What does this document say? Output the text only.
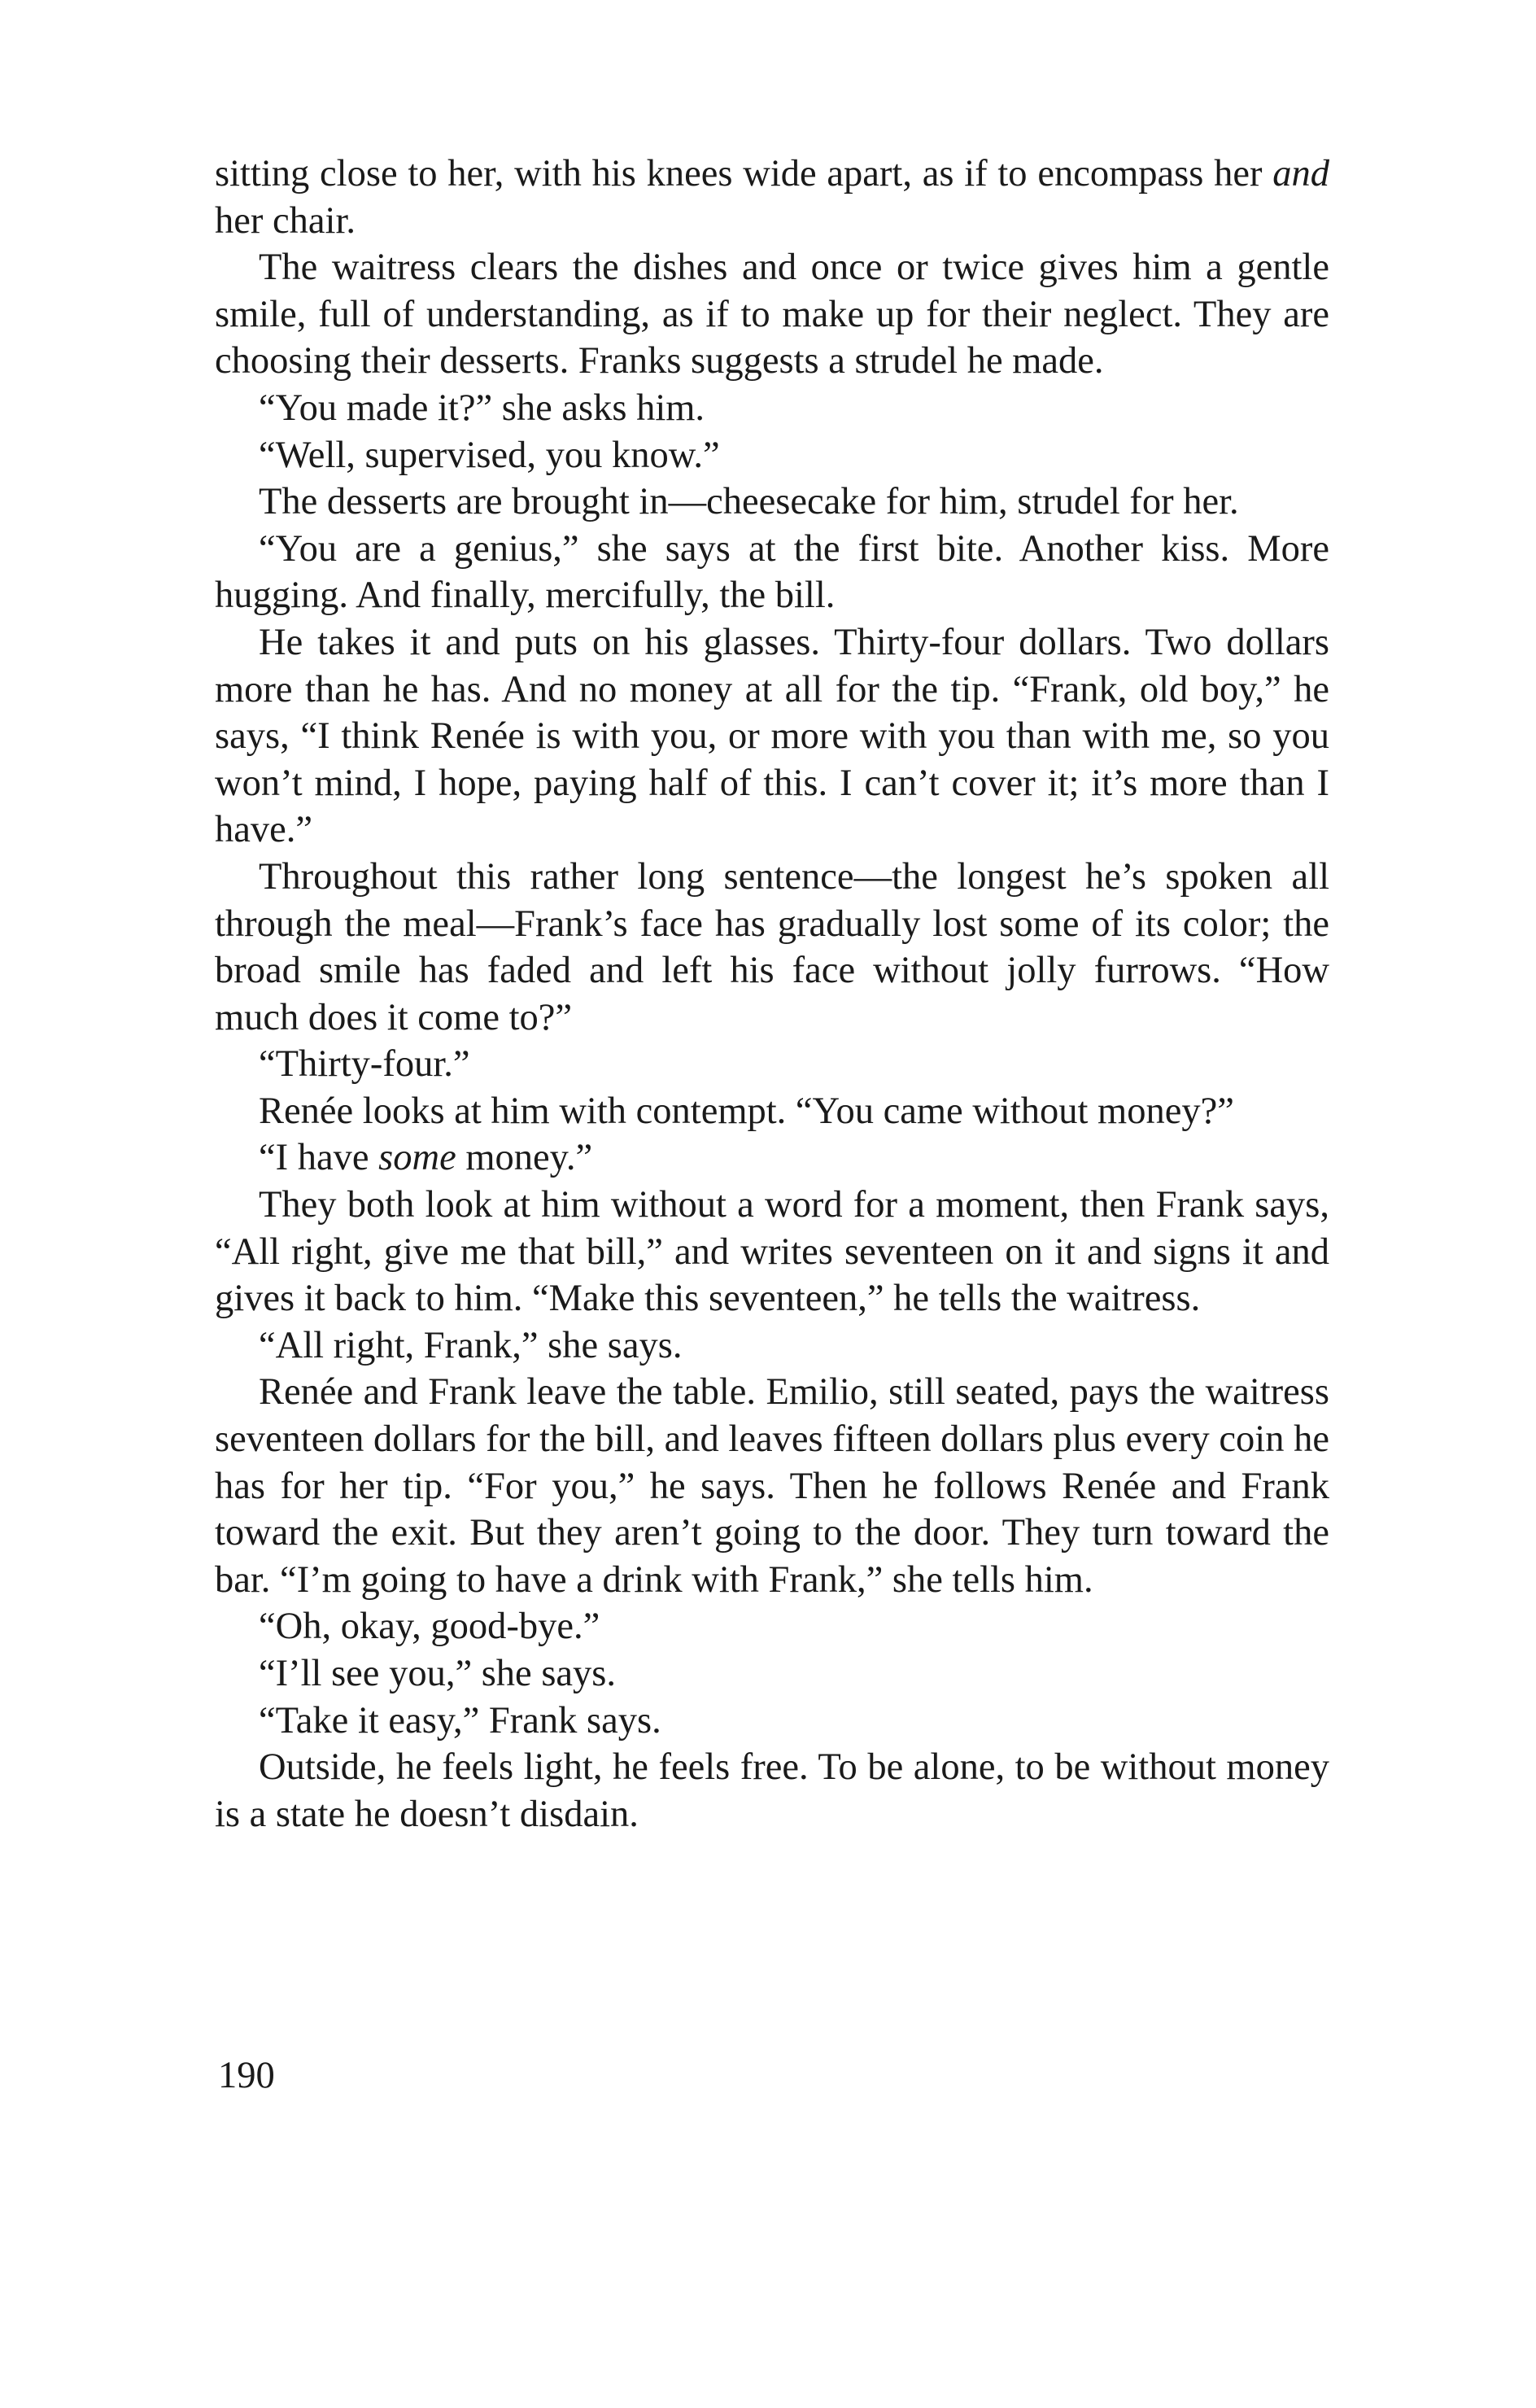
sitting close to her, with his knees wide apart, as if to encompass her and her chair.

The waitress clears the dishes and once or twice gives him a gentle smile, full of understanding, as if to make up for their neglect. They are choosing their desserts. Franks suggests a strudel he made.

“You made it?” she asks him.

“Well, supervised, you know.”

The desserts are brought in—cheesecake for him, strudel for her.

“You are a genius,” she says at the first bite. Another kiss. More hugging. And finally, mercifully, the bill.

He takes it and puts on his glasses. Thirty-four dollars. Two dollars more than he has. And no money at all for the tip. “Frank, old boy,” he says, “I think Renée is with you, or more with you than with me, so you won’t mind, I hope, paying half of this. I can’t cover it; it’s more than I have.”

Throughout this rather long sentence—the longest he’s spoken all through the meal—Frank’s face has gradually lost some of its color; the broad smile has faded and left his face without jolly furrows. “How much does it come to?”

“Thirty-four.”

Renée looks at him with contempt. “You came without money?”

“I have some money.”

They both look at him without a word for a moment, then Frank says, “All right, give me that bill,” and writes seventeen on it and signs it and gives it back to him. “Make this seventeen,” he tells the waitress.

“All right, Frank,” she says.

Renée and Frank leave the table. Emilio, still seated, pays the waitress seventeen dollars for the bill, and leaves fifteen dollars plus every coin he has for her tip. “For you,” he says. Then he follows Renée and Frank toward the exit. But they aren’t going to the door. They turn toward the bar. “I’m going to have a drink with Frank,” she tells him.

“Oh, okay, good-bye.”

“I’ll see you,” she says.

“Take it easy,” Frank says.

Outside, he feels light, he feels free. To be alone, to be without money is a state he doesn’t disdain.

190
